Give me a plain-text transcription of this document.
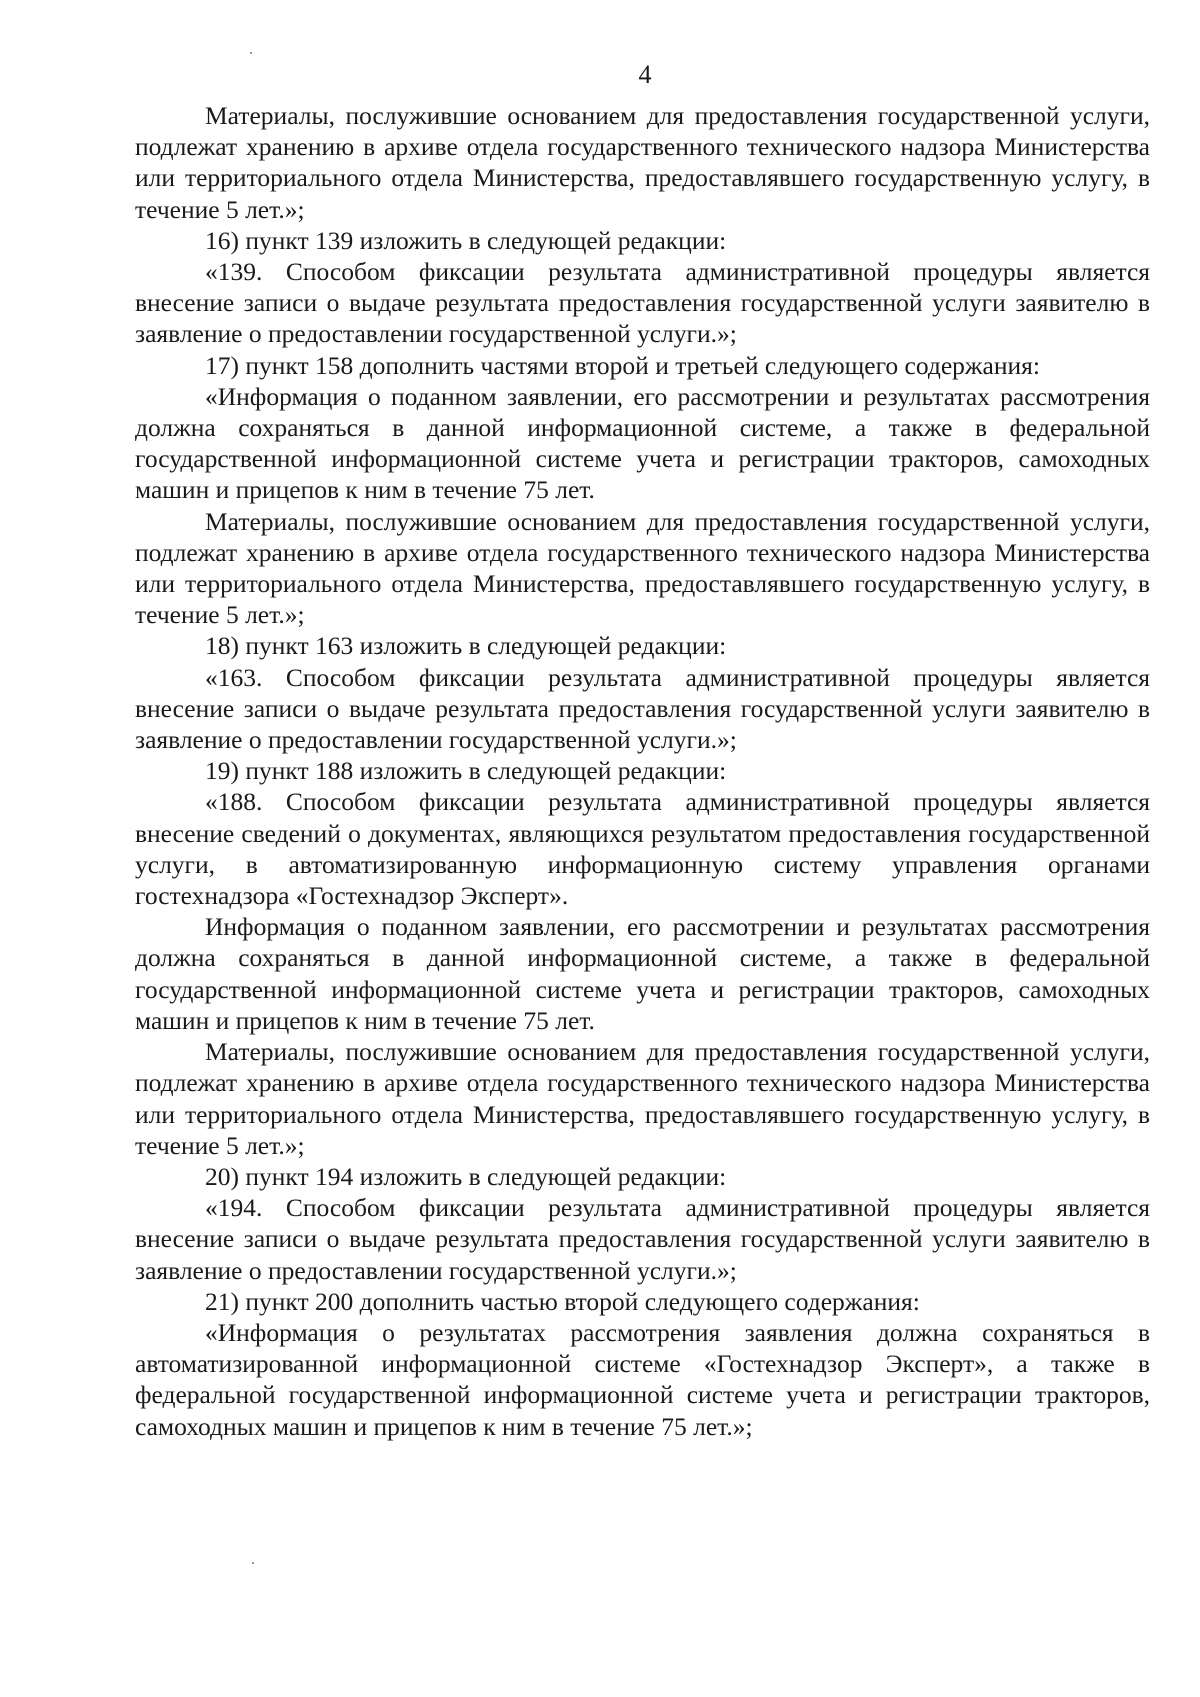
4

Материалы, послужившие основанием для предоставления государственной услуги, подлежат хранению в архиве отдела государственного технического надзора Министерства или территориального отдела Министерства, предоставлявшего государственную услугу, в течение 5 лет.»;

16) пункт 139 изложить в следующей редакции:

«139. Способом фиксации результата административной процедуры является внесение записи о выдаче результата предоставления государственной услуги заявителю в заявление о предоставлении государственной услуги.»;

17) пункт 158 дополнить частями второй и третьей следующего содержания:

«Информация о поданном заявлении, его рассмотрении и результатах рассмотрения должна сохраняться в данной информационной системе, а также в федеральной государственной информационной системе учета и регистрации тракторов, самоходных машин и прицепов к ним в течение 75 лет.

Материалы, послужившие основанием для предоставления государственной услуги, подлежат хранению в архиве отдела государственного технического надзора Министерства или территориального отдела Министерства, предоставлявшего государственную услугу, в течение 5 лет.»;

18) пункт 163 изложить в следующей редакции:

«163. Способом фиксации результата административной процедуры является внесение записи о выдаче результата предоставления государственной услуги заявителю в заявление о предоставлении государственной услуги.»;

19) пункт 188 изложить в следующей редакции:

«188. Способом фиксации результата административной процедуры является внесение сведений о документах, являющихся результатом предоставления государственной услуги, в автоматизированную информационную систему управления органами гостехнадзора «Гостехнадзор Эксперт».

Информация о поданном заявлении, его рассмотрении и результатах рассмотрения должна сохраняться в данной информационной системе, а также в федеральной государственной информационной системе учета и регистрации тракторов, самоходных машин и прицепов к ним в течение 75 лет.

Материалы, послужившие основанием для предоставления государственной услуги, подлежат хранению в архиве отдела государственного технического надзора Министерства или территориального отдела Министерства, предоставлявшего государственную услугу, в течение 5 лет.»;

20) пункт 194 изложить в следующей редакции:

«194. Способом фиксации результата административной процедуры является внесение записи о выдаче результата предоставления государственной услуги заявителю в заявление о предоставлении государственной услуги.»;

21) пункт 200 дополнить частью второй следующего содержания:

«Информация о результатах рассмотрения заявления должна сохраняться в автоматизированной информационной системе «Гостехнадзор Эксперт», а также в федеральной государственной информационной системе учета и регистрации тракторов, самоходных машин и прицепов к ним в течение 75 лет.»;
